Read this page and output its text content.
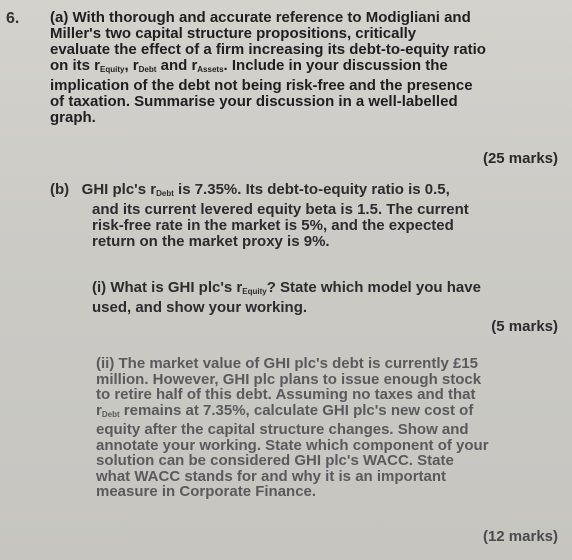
6. (a) With thorough and accurate reference to Modigliani and
Miller's two capital structure propositions, critically
evaluate the effect of a firm increasing its debt-to-equity ratio
on its $r_{Equity}$, $r_{Debt}$ and $r_{Assets}$. Include in your discussion the
implication of the debt not being risk-free and the presence
of taxation. Summarise your discussion in a well-labelled
graph.
(25 marks)
(b) GHI plc's $r_{Debt}$ is 7.35%. Its debt-to-equity ratio is 0.5,
and its current levered equity beta is 1.5. The current
risk-free rate in the market is 5%, and the expected
return on the market proxy is 9%.
(i) What is GHI plc's $r_{Equity}$? State which model you have
used, and show your working.
(5 marks)
(ii) The market value of GHI plc's debt is currently £15
million. However, GHI plc plans to issue enough stock
to retire half of this debt. Assuming no taxes and that
$r_{Debt}$ remains at 7.35%, calculate GHI plc's new cost of
equity after the capital structure changes. Show and
annotate your working. State which component of your
solution can be considered GHI plc's WACC. State
what WACC stands for and why it is an important
measure in Corporate Finance.
(12 marks)
